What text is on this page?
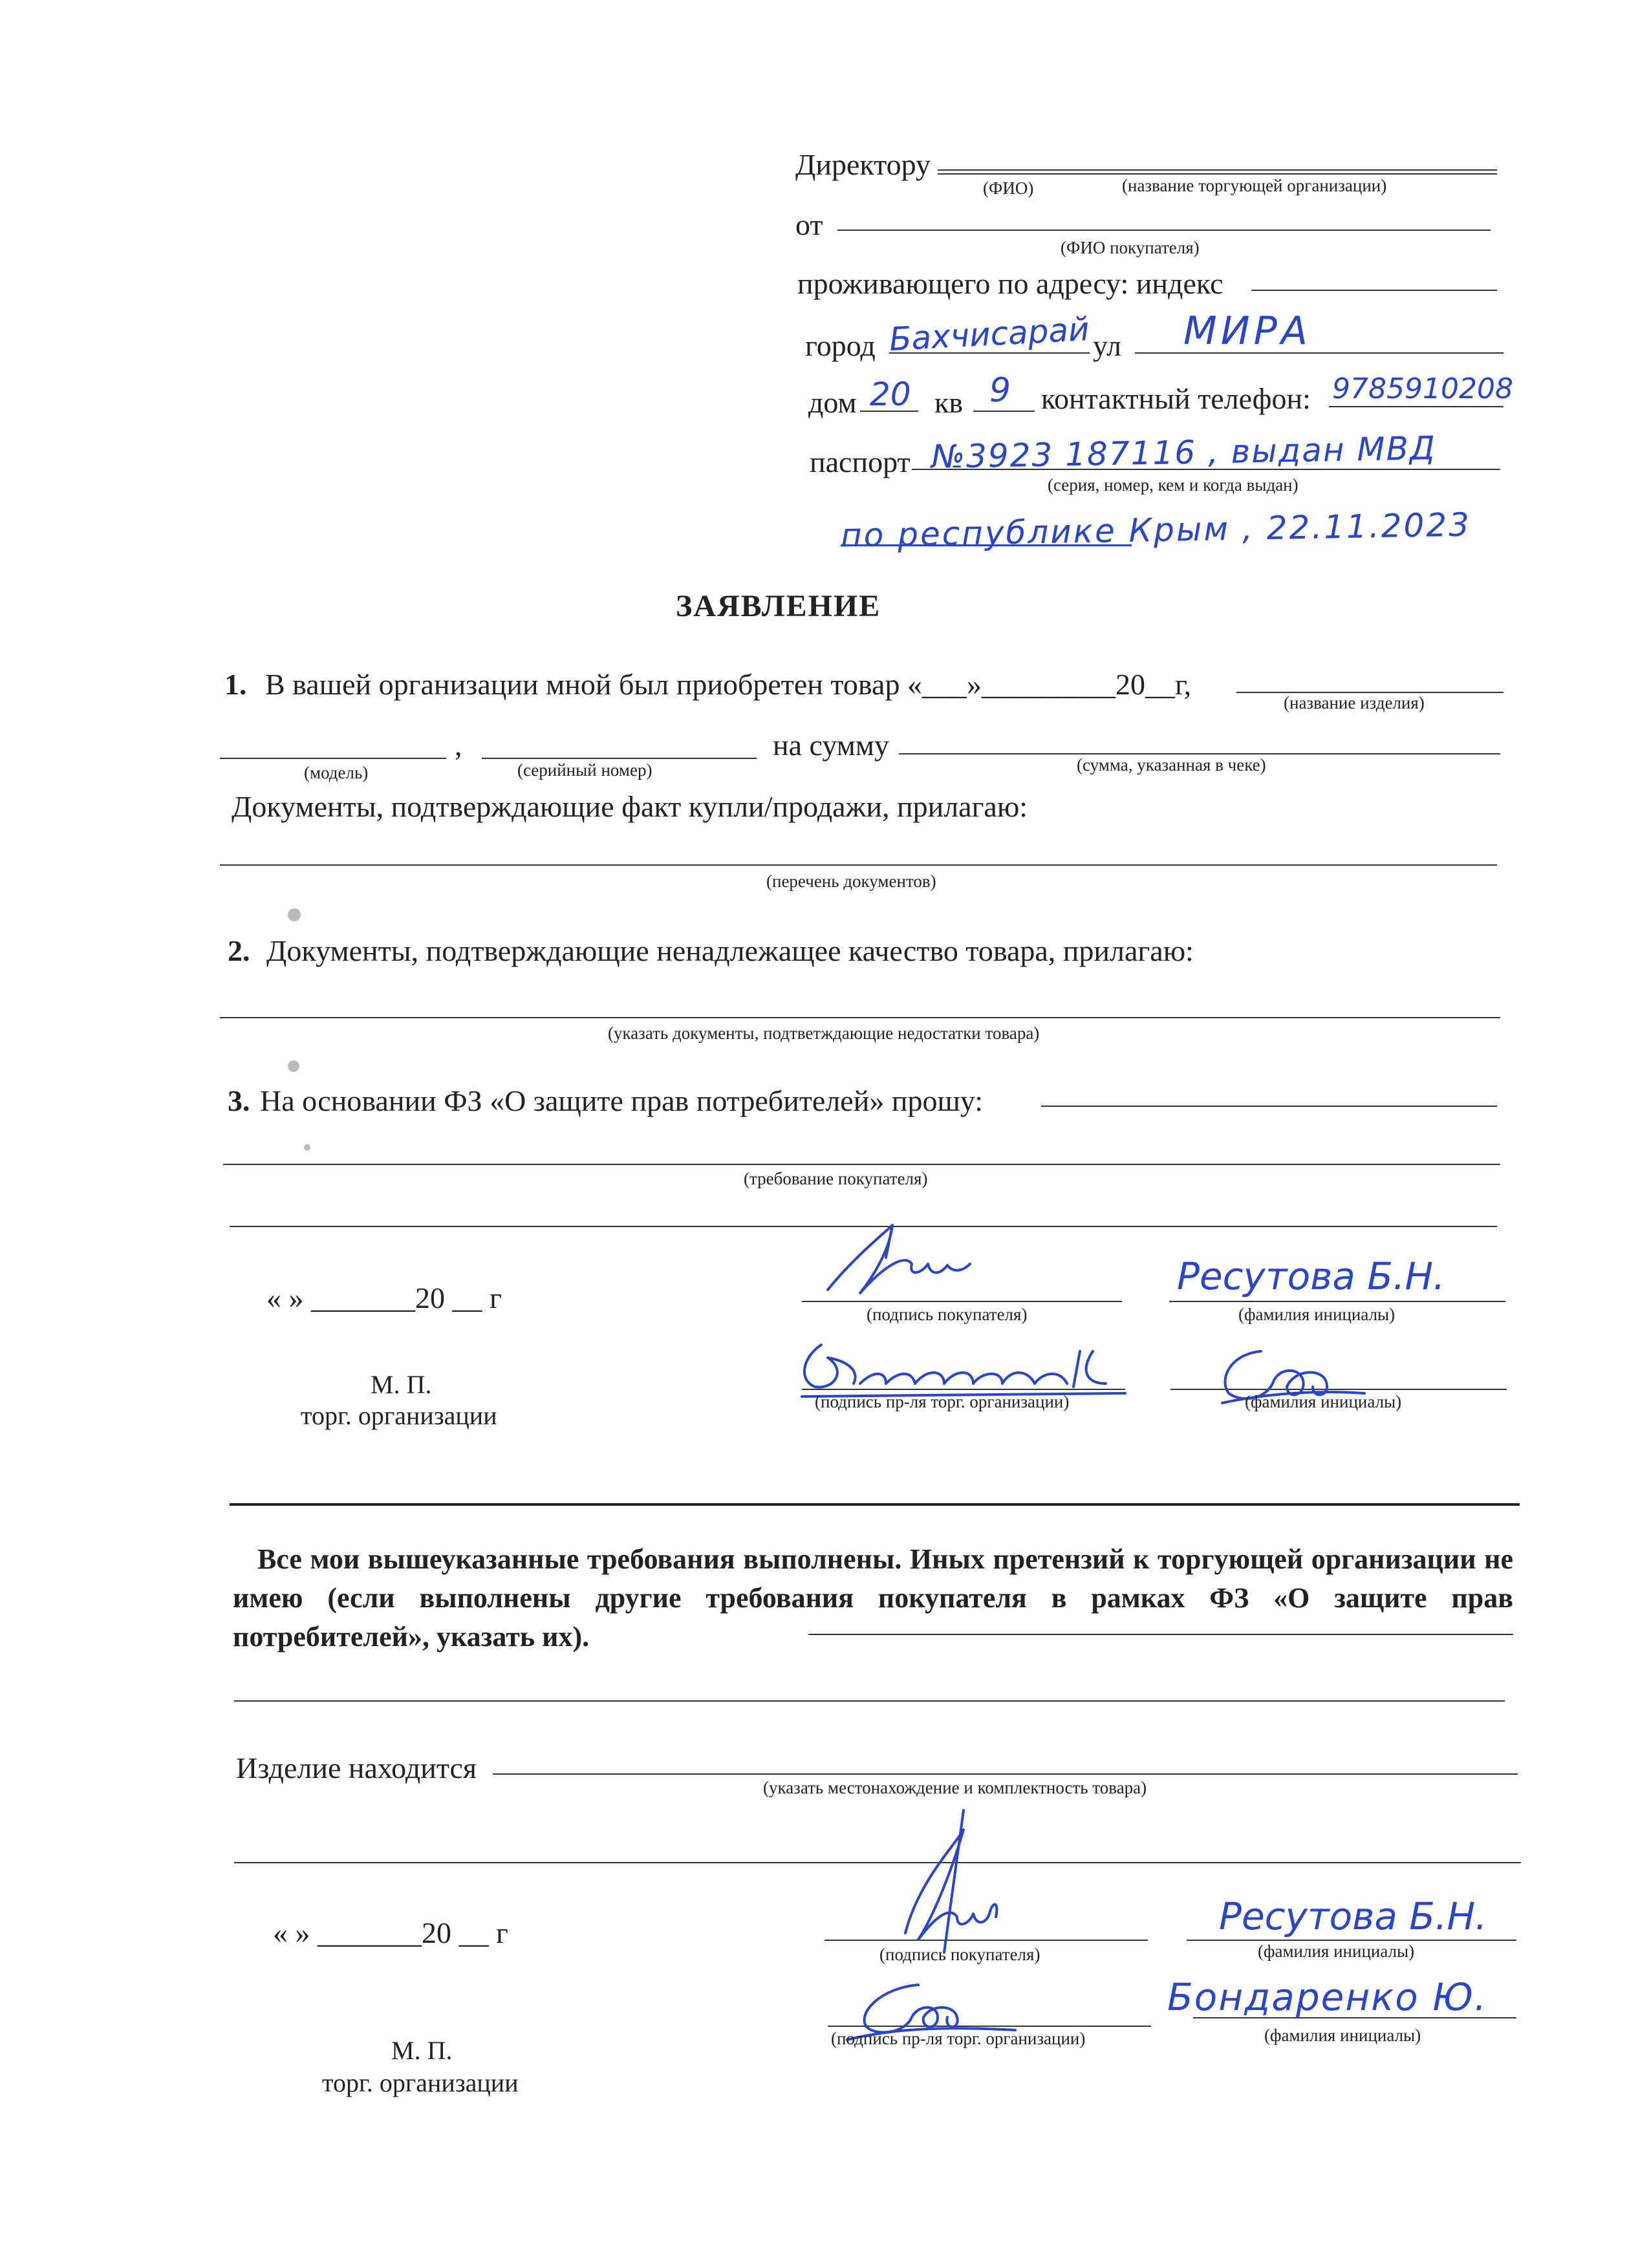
Директору
(ФИО)	(название торгующей организации)
от
(ФИО покупателя)
проживающего по адресу: индекс
город Бахчисарай ул МИРА
дом 20 кв 9 контактный телефон: 9785910208
паспорт №3923 187116 , выдан МВД
(серия, номер, кем и когда выдан)
по республике Крым , 22.11.2023
ЗАЯВЛЕНИЕ
1. В вашей организации мной был приобретен товар «___»_________20__г,
(название изделия)
,	на сумму
(модель)	(серийный номер)	(сумма, указанная в чеке)
Документы, подтверждающие факт купли/продажи, прилагаю:
(перечень документов)
2. Документы, подтверждающие ненадлежащее качество товара, прилагаю:
(указать документы, подтветждающие недостатки товара)
3. На основании ФЗ «О защите прав потребителей» прошу:
(требование покупателя)
« » _______20 __ г
М. П.
торг. организации
(подпись покупателя)
Ресутова Б.Н.
(фамилия инициалы)
(подпись пр-ля торг. организации)	(фамилия инициалы)
Все мои вышеуказанные требования выполнены. Иных претензий к торгующей организации не имею (если выполнены другие требования покупателя в рамках ФЗ «О защите прав потребителей», указать их).
Изделие находится
(указать местонахождение и комплектность товара)
« » _______20 __ г
М. П.
торг. организации
(подпись покупателя)
Ресутова Б.Н.
(фамилия инициалы)
(подпись пр-ля торг. организации)
Бондаренко Ю.
(фамилия инициалы)
